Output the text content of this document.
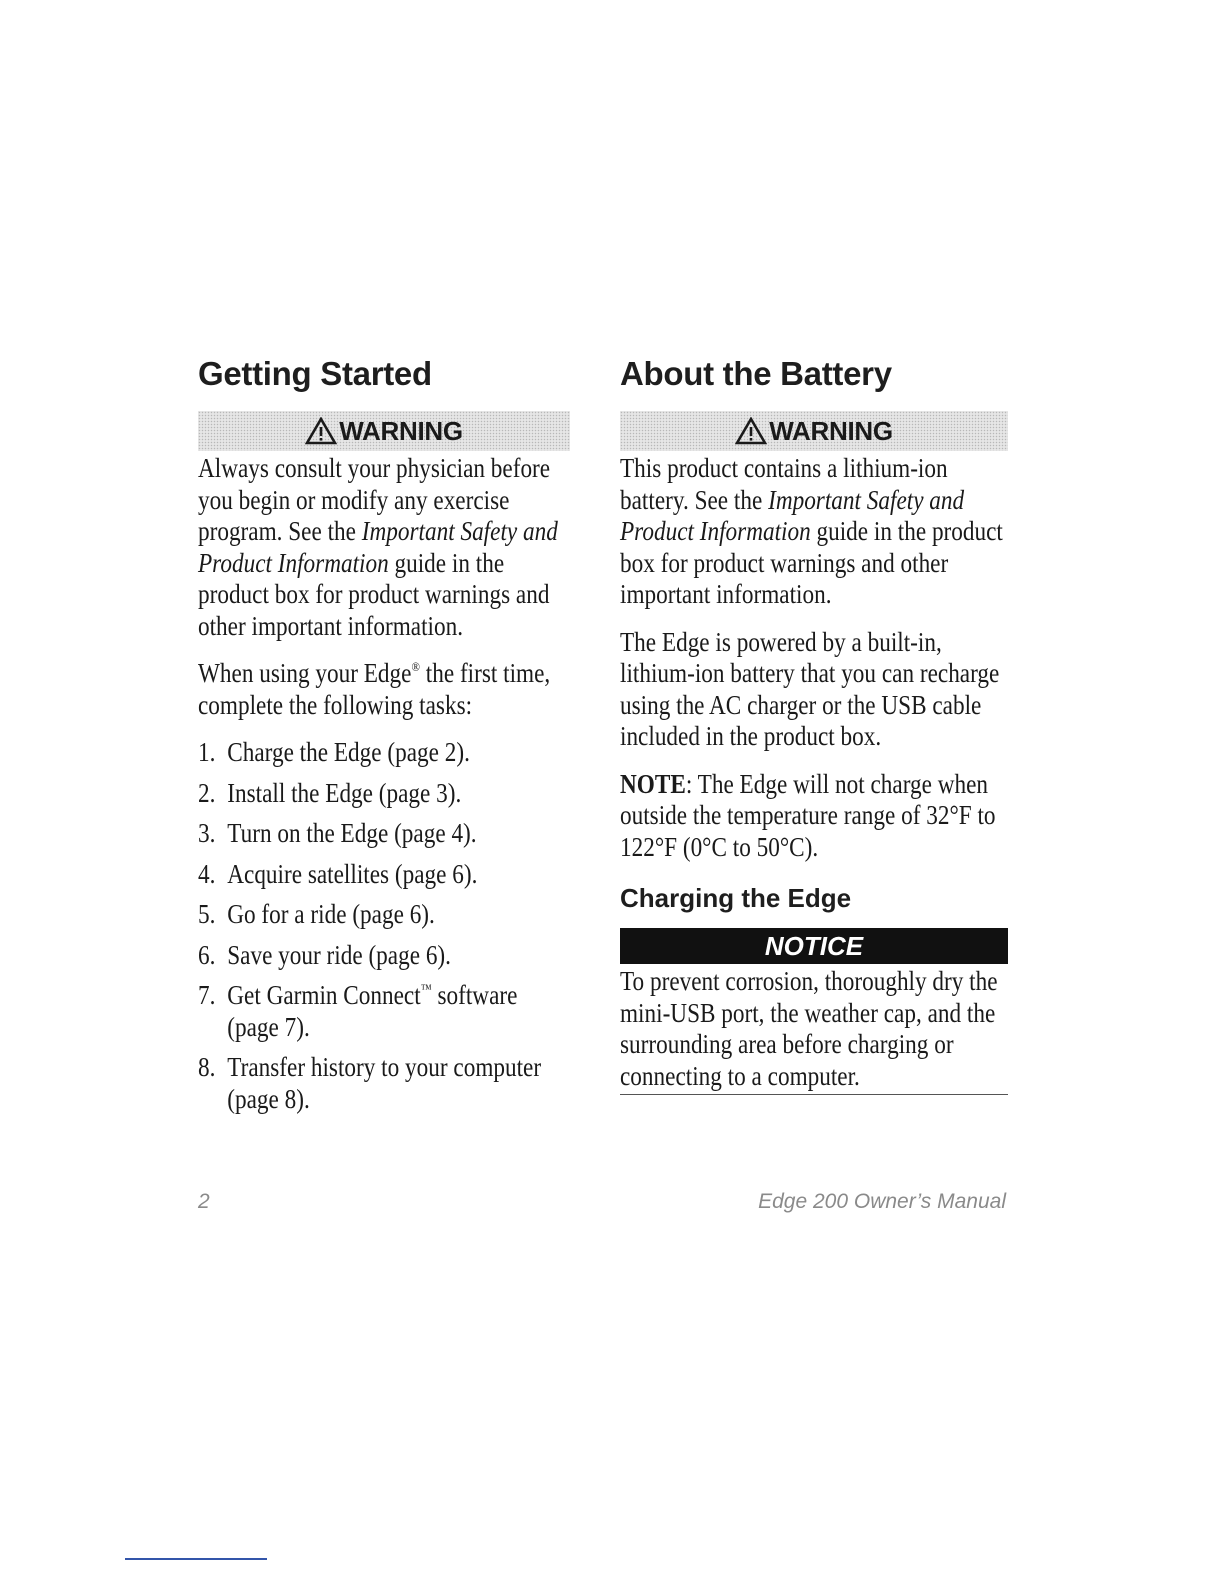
Getting Started
WARNING

Always consult your physician before you begin or modify any exercise program. See the Important Safety and Product Information guide in the product box for product warnings and other important information.

When using your Edge® the first time, complete the following tasks:

1. Charge the Edge (page 2).
2. Install the Edge (page 3).
3. Turn on the Edge (page 4).
4. Acquire satellites (page 6).
5. Go for a ride (page 6).
6. Save your ride (page 6).
7. Get Garmin Connect™ software (page 7).
8. Transfer history to your computer (page 8).
About the Battery
WARNING

This product contains a lithium-ion battery. See the Important Safety and Product Information guide in the product box for product warnings and other important information.

The Edge is powered by a built-in, lithium-ion battery that you can recharge using the AC charger or the USB cable included in the product box.

NOTE: The Edge will not charge when outside the temperature range of 32°F to 122°F (0°C to 50°C).

Charging the Edge
NOTICE

To prevent corrosion, thoroughly dry the mini-USB port, the weather cap, and the surrounding area before charging or connecting to a computer.

2	Edge 200 Owner’s Manual
